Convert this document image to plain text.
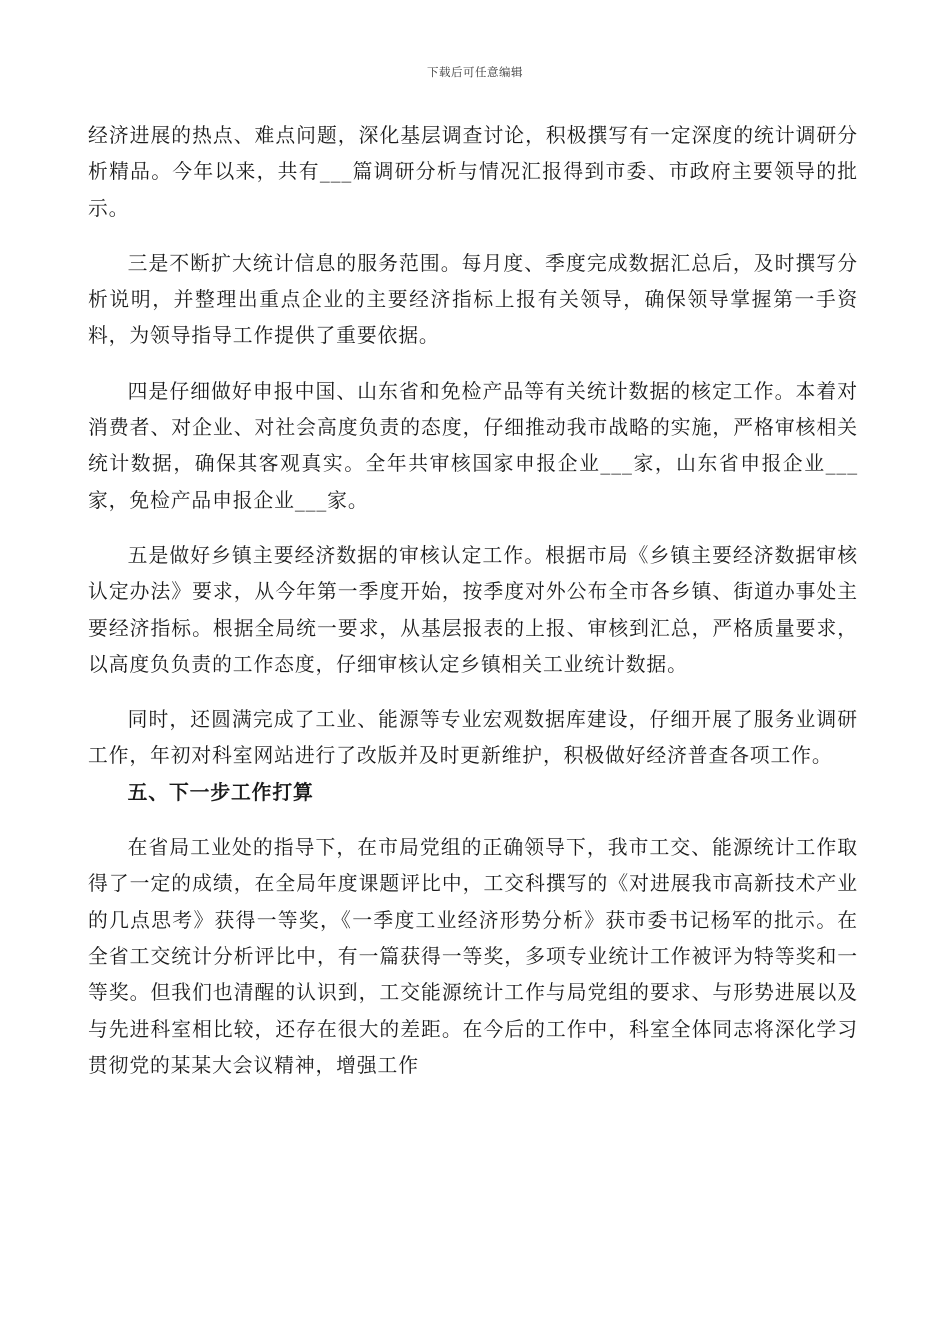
下载后可任意编辑

经济进展的热点、难点问题，深化基层调查讨论，积极撰写有一定深度的统计调研分析精品。今年以来，共有___篇调研分析与情况汇报得到市委、市政府主要领导的批示。

三是不断扩大统计信息的服务范围。每月度、季度完成数据汇总后，及时撰写分析说明，并整理出重点企业的主要经济指标上报有关领导，确保领导掌握第一手资料，为领导指导工作提供了重要依据。

四是仔细做好申报中国、山东省和免检产品等有关统计数据的核定工作。本着对消费者、对企业、对社会高度负责的态度，仔细推动我市战略的实施，严格审核相关统计数据，确保其客观真实。全年共审核国家申报企业___家，山东省申报企业___家，免检产品申报企业___家。

五是做好乡镇主要经济数据的审核认定工作。根据市局《乡镇主要经济数据审核认定办法》要求，从今年第一季度开始，按季度对外公布全市各乡镇、街道办事处主要经济指标。根据全局统一要求，从基层报表的上报、审核到汇总，严格质量要求，以高度负负责的工作态度，仔细审核认定乡镇相关工业统计数据。

同时，还圆满完成了工业、能源等专业宏观数据库建设，仔细开展了服务业调研工作，年初对科室网站进行了改版并及时更新维护，积极做好经济普查各项工作。

五、下一步工作打算

在省局工业处的指导下，在市局党组的正确领导下，我市工交、能源统计工作取得了一定的成绩，在全局年度课题评比中，工交科撰写的《对进展我市高新技术产业的几点思考》获得一等奖，《一季度工业经济形势分析》获市委书记杨军的批示。在全省工交统计分析评比中，有一篇获得一等奖，多项专业统计工作被评为特等奖和一等奖。但我们也清醒的认识到，工交能源统计工作与局党组的要求、与形势进展以及与先进科室相比较，还存在很大的差距。在今后的工作中，科室全体同志将深化学习贯彻党的某某大会议精神，增强工作
